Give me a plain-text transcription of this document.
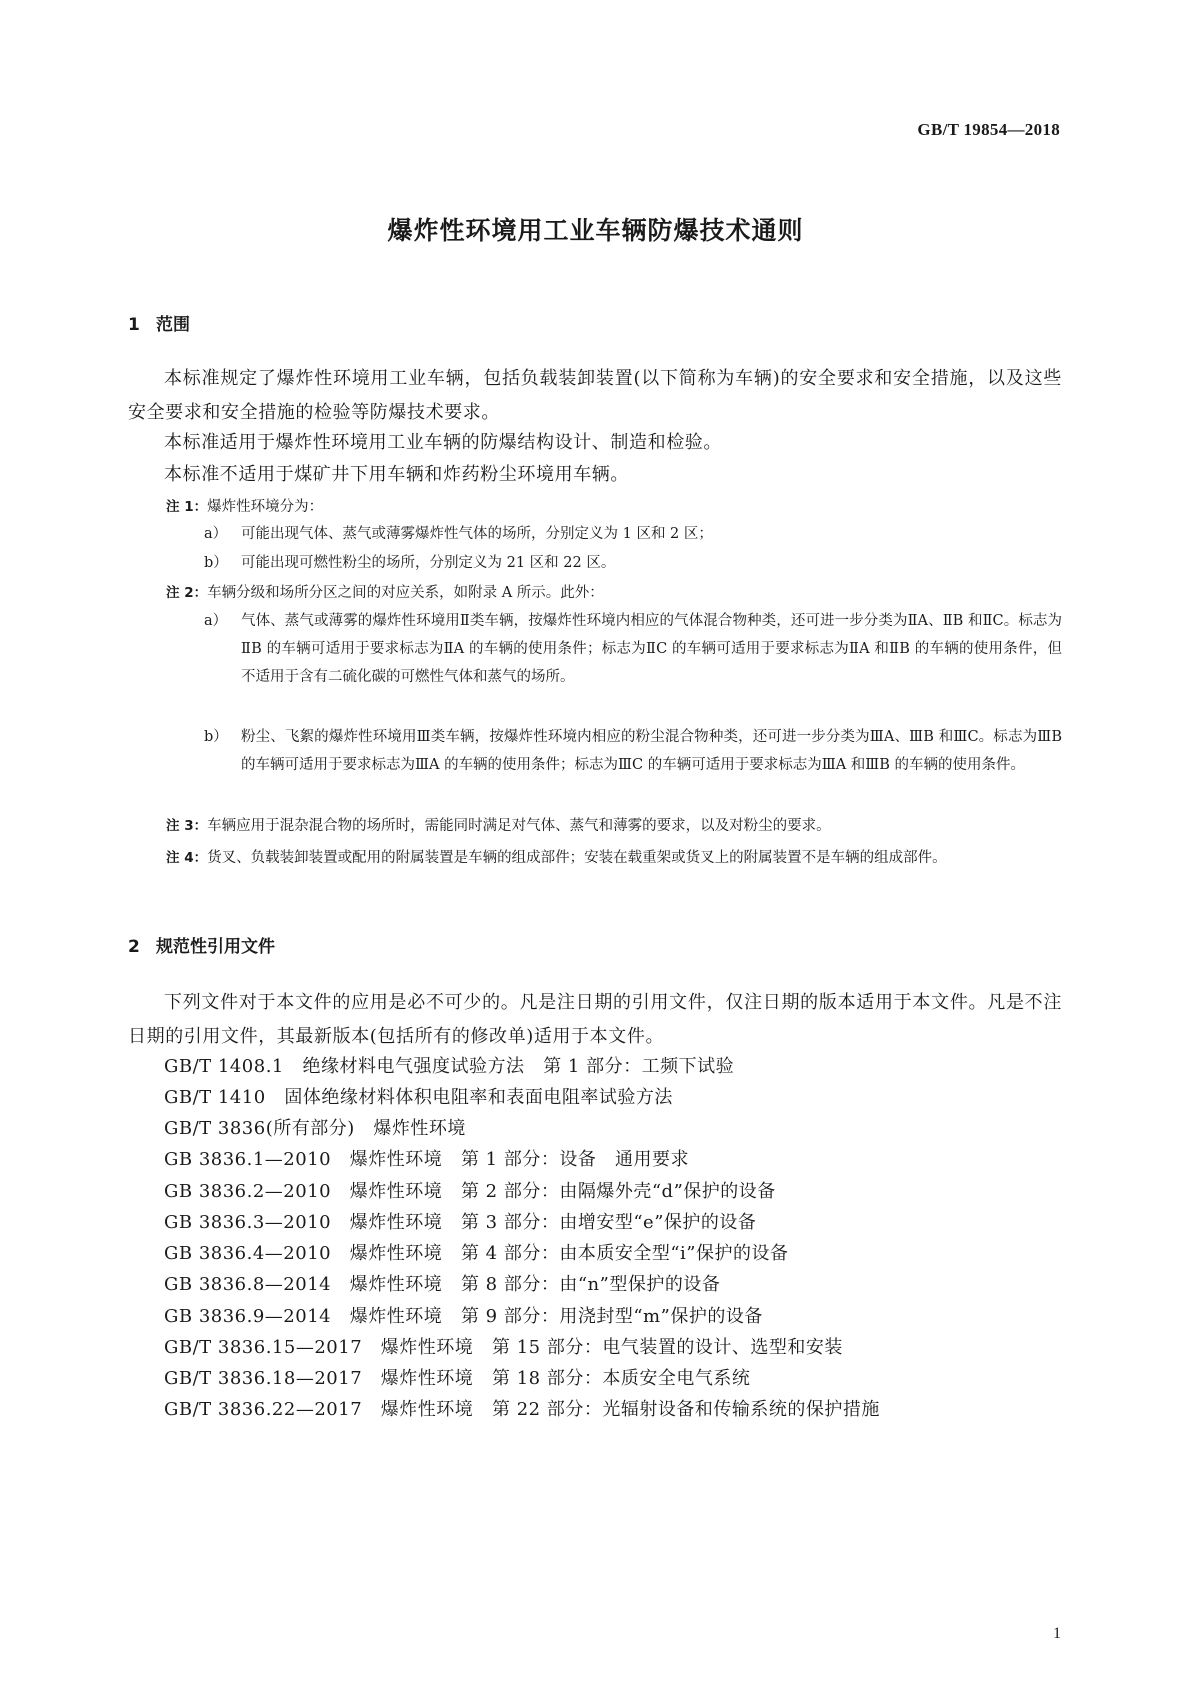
GB/T 19854—2018
爆炸性环境用工业车辆防爆技术通则
1 范围

本标准规定了爆炸性环境用工业车辆，包括负载装卸装置(以下简称为车辆)的安全要求和安全措施，以及这些安全要求和安全措施的检验等防爆技术要求。

本标准适用于爆炸性环境用工业车辆的防爆结构设计、制造和检验。

本标准不适用于煤矿井下用车辆和炸药粉尘环境用车辆。

注 1：爆炸性环境分为：

a） 可能出现气体、蒸气或薄雾爆炸性气体的场所，分别定义为 1 区和 2 区；
b） 可能出现可燃性粉尘的场所，分别定义为 21 区和 22 区。

注 2：车辆分级和场所分区之间的对应关系，如附录 A 所示。此外：

a） 气体、蒸气或薄雾的爆炸性环境用Ⅱ类车辆，按爆炸性环境内相应的气体混合物种类，还可进一步分类为ⅡA、ⅡB 和ⅡC。标志为ⅡB 的车辆可适用于要求标志为ⅡA 的车辆的使用条件；标志为ⅡC 的车辆可适用于要求标志为ⅡA 和ⅡB 的车辆的使用条件，但不适用于含有二硫化碳的可燃性气体和蒸气的场所。
b） 粉尘、飞絮的爆炸性环境用Ⅲ类车辆，按爆炸性环境内相应的粉尘混合物种类，还可进一步分类为ⅢA、ⅢB 和ⅢC。标志为ⅢB 的车辆可适用于要求标志为ⅢA 的车辆的使用条件；标志为ⅢC 的车辆可适用于要求标志为ⅢA 和ⅢB 的车辆的使用条件。

注 3：车辆应用于混杂混合物的场所时，需能同时满足对气体、蒸气和薄雾的要求，以及对粉尘的要求。

注 4：货叉、负载装卸装置或配用的附属装置是车辆的组成部件；安装在载重架或货叉上的附属装置不是车辆的组成部件。

2 规范性引用文件

下列文件对于本文件的应用是必不可少的。凡是注日期的引用文件，仅注日期的版本适用于本文件。凡是不注日期的引用文件，其最新版本(包括所有的修改单)适用于本文件。

GB/T 1408.1   绝缘材料电气强度试验方法   第 1 部分：工频下试验
GB/T 1410   固体绝缘材料体积电阻率和表面电阻率试验方法
GB/T 3836(所有部分)   爆炸性环境
GB 3836.1—2010   爆炸性环境   第 1 部分：设备   通用要求
GB 3836.2—2010   爆炸性环境   第 2 部分：由隔爆外壳“d”保护的设备
GB 3836.3—2010   爆炸性环境   第 3 部分：由增安型“e”保护的设备
GB 3836.4—2010   爆炸性环境   第 4 部分：由本质安全型“i”保护的设备
GB 3836.8—2014   爆炸性环境   第 8 部分：由“n”型保护的设备
GB 3836.9—2014   爆炸性环境   第 9 部分：用浇封型“m”保护的设备
GB/T 3836.15—2017   爆炸性环境   第 15 部分：电气装置的设计、选型和安装
GB/T 3836.18—2017   爆炸性环境   第 18 部分：本质安全电气系统
GB/T 3836.22—2017   爆炸性环境   第 22 部分：光辐射设备和传输系统的保护措施
1
